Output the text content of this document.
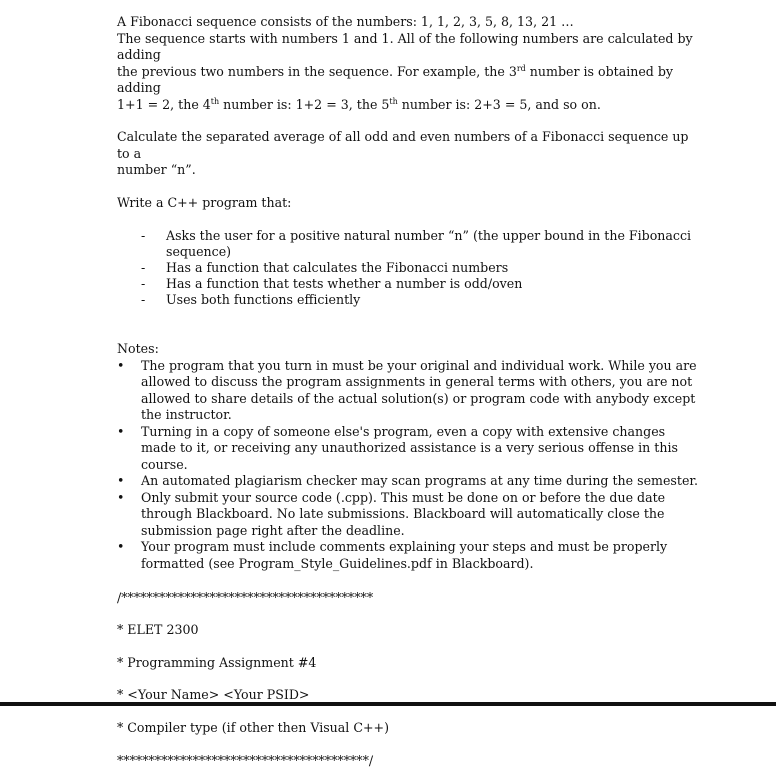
A Fibonacci sequence consists of the numbers: 1, 1, 2, 3, 5, 8, 13, 21 …

The sequence starts with numbers 1 and 1. All of the following numbers are calculated by adding

the previous two numbers in the sequence. For example, the 3rd number is obtained by adding

1+1 = 2, the 4th number is: 1+2 = 3, the 5th number is: 2+3 = 5, and so on.

Calculate the separated average of all odd and even numbers of a Fibonacci sequence up to a

number “n”.

Write a C++ program that:

- Asks the user for a positive natural number “n” (the upper bound in the Fibonacci sequence)
- Has a function that calculates the Fibonacci numbers
- Has a function that tests whether a number is odd/oven
- Uses both functions efficiently

Notes:

• The program that you turn in must be your original and individual work. While you are allowed to discuss the program assignments in general terms with others, you are not allowed to share details of the actual solution(s) or program code with anybody except the instructor.
• Turning in a copy of someone else's program, even a copy with extensive changes made to it, or receiving any unauthorized assistance is a very serious offense in this course.
• An automated plagiarism checker may scan programs at any time during the semester.
• Only submit your source code (.cpp). This must be done on or before the due date through Blackboard. No late submissions. Blackboard will automatically close the submission page right after the deadline.
• Your program must include comments explaining your steps and must be properly formatted (see Program_Style_Guidelines.pdf in Blackboard).

/****************************************

* ELET 2300

* Programming Assignment #4

* <Your Name> <Your PSID>

* Compiler type (if other then Visual C++)

****************************************/
